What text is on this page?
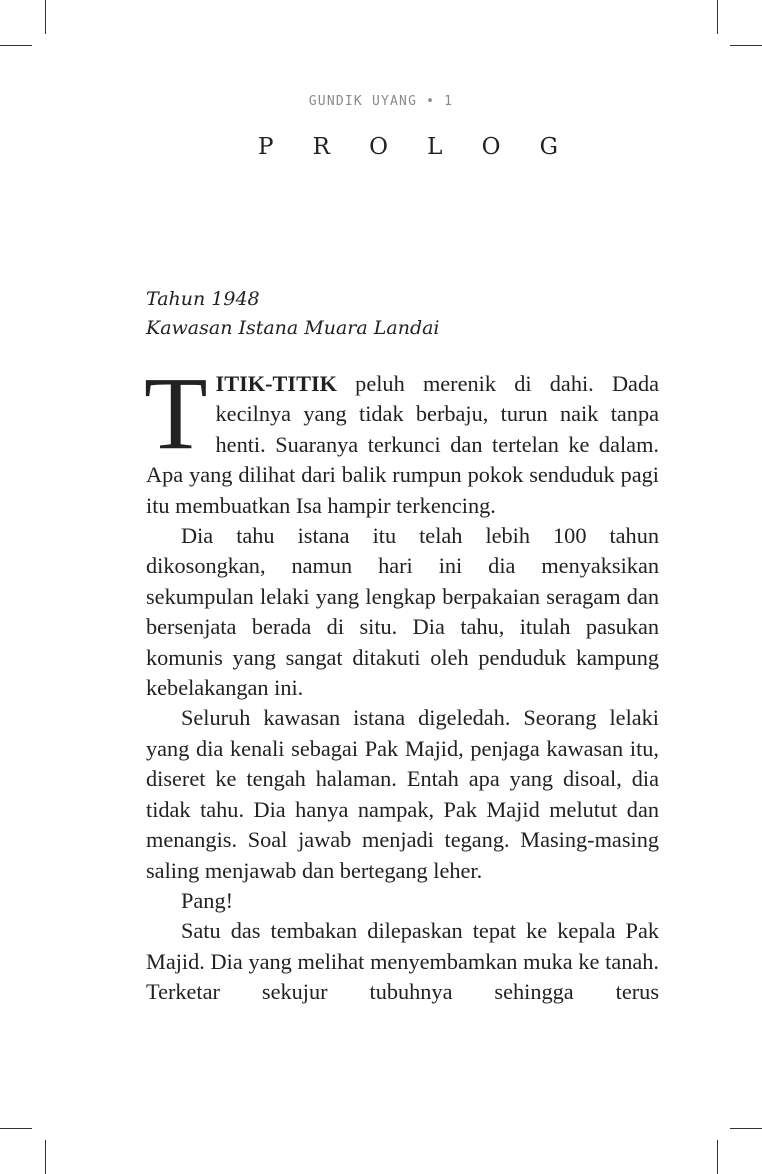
GUNDIK UYANG • 1
P R O L O G
Tahun 1948
Kawasan Istana Muara Landai

TITIK-TITIK peluh merenik di dahi. Dada kecilnya yang tidak berbaju, turun naik tanpa henti. Suaranya terkunci dan tertelan ke dalam. Apa yang dilihat dari balik rumpun pokok senduduk pagi itu membuatkan Isa hampir terkencing.

Dia tahu istana itu telah lebih 100 tahun dikosongkan, namun hari ini dia menyaksikan sekumpulan lelaki yang lengkap berpakaian seragam dan bersenjata berada di situ. Dia tahu, itulah pasukan komunis yang sangat ditakuti oleh penduduk kampung kebelakangan ini.

Seluruh kawasan istana digeledah. Seorang lelaki yang dia kenali sebagai Pak Majid, penjaga kawasan itu, diseret ke tengah halaman. Entah apa yang disoal, dia tidak tahu. Dia hanya nampak, Pak Majid melutut dan menangis. Soal jawab menjadi tegang. Masing-masing saling menjawab dan bertegang leher.

Pang!

Satu das tembakan dilepaskan tepat ke kepala Pak Majid. Dia yang melihat menyembamkan muka ke tanah. Terketar sekujur tubuhnya sehingga terus
